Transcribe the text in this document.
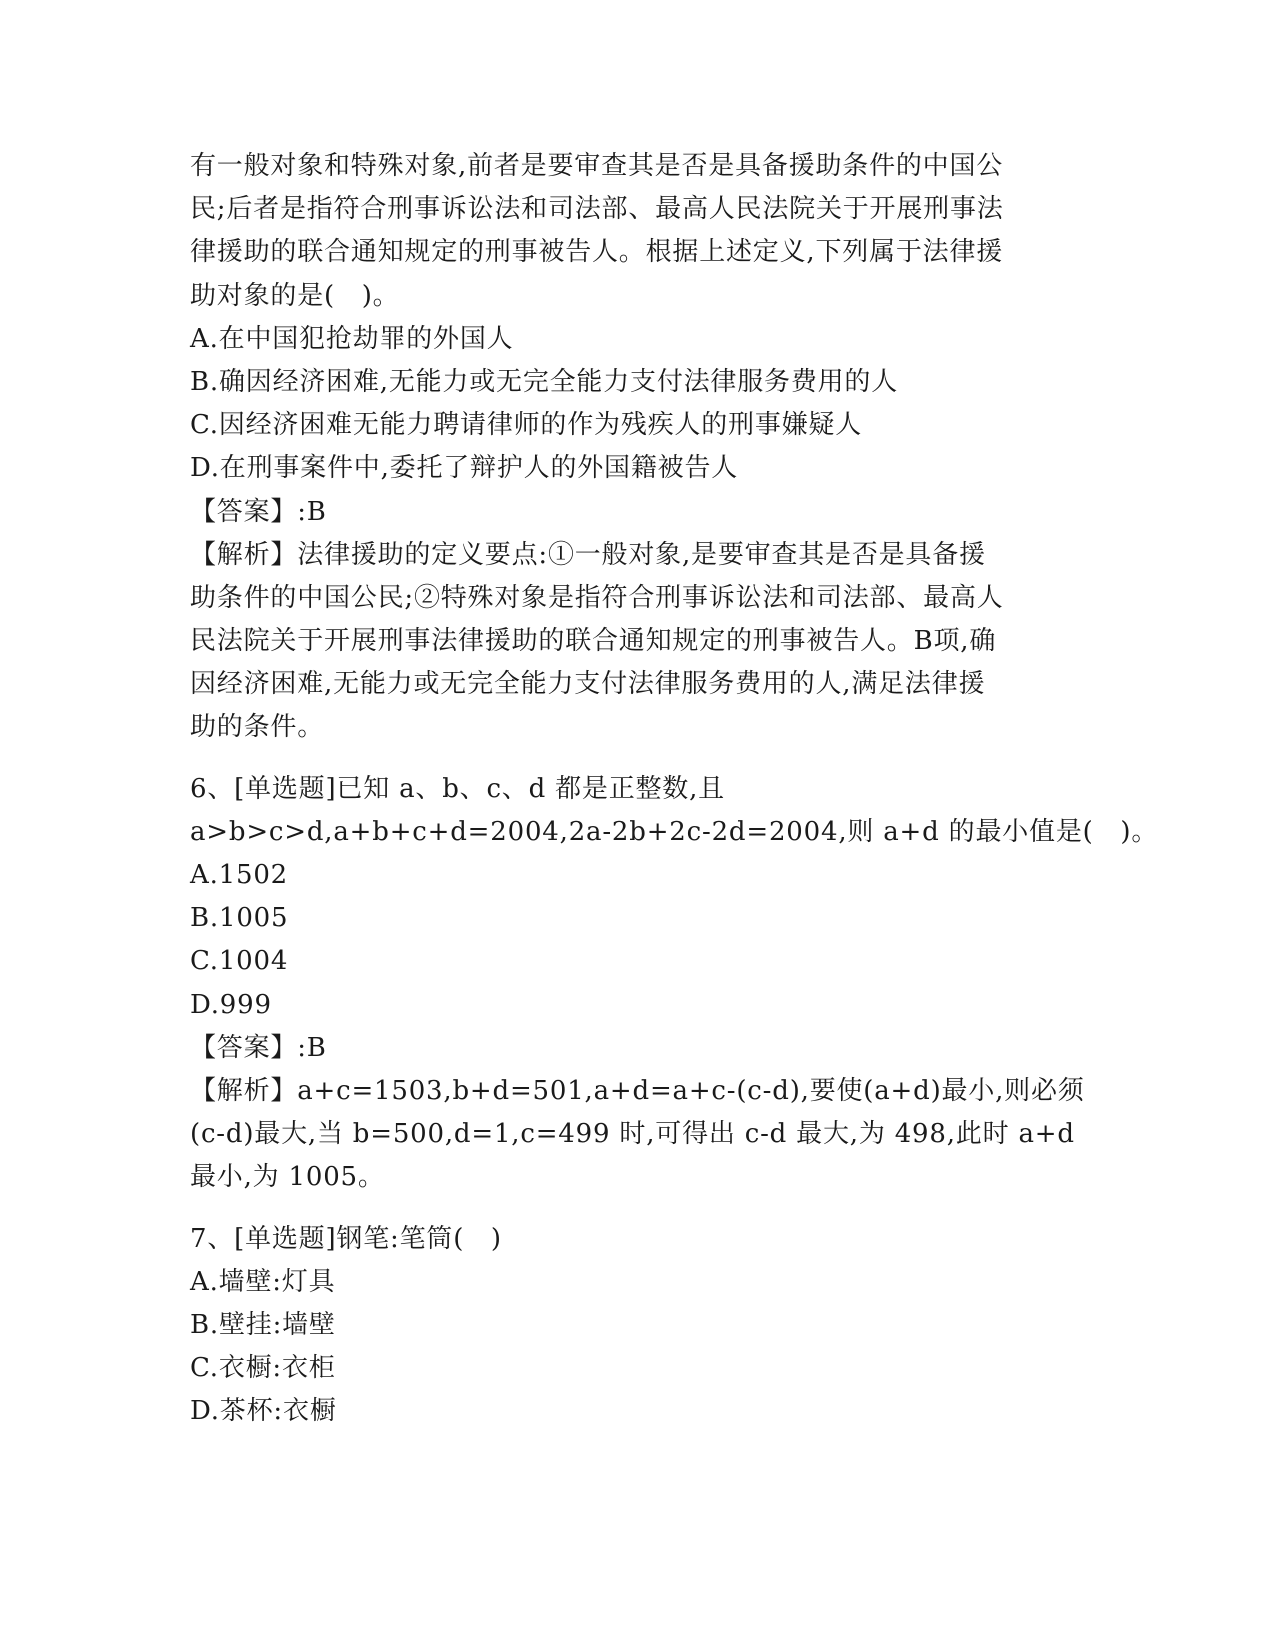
有一般对象和特殊对象,前者是要审查其是否是具备援助条件的中国公
民;后者是指符合刑事诉讼法和司法部、最高人民法院关于开展刑事法
律援助的联合通知规定的刑事被告人。根据上述定义,下列属于法律援
助对象的是(　)。
A.在中国犯抢劫罪的外国人
B.确因经济困难,无能力或无完全能力支付法律服务费用的人
C.因经济困难无能力聘请律师的作为残疾人的刑事嫌疑人
D.在刑事案件中,委托了辩护人的外国籍被告人
【答案】:B
【解析】法律援助的定义要点:①一般对象,是要审查其是否是具备援
助条件的中国公民;②特殊对象是指符合刑事诉讼法和司法部、最高人
民法院关于开展刑事法律援助的联合通知规定的刑事被告人。B项,确
因经济困难,无能力或无完全能力支付法律服务费用的人,满足法律援
助的条件。
6、[单选题]已知 a、b、c、d 都是正整数,且
a>b>c>d,a+b+c+d=2004,2a-2b+2c-2d=2004,则 a+d 的最小值是(　)。
A.1502
B.1005
C.1004
D.999
【答案】:B
【解析】a+c=1503,b+d=501,a+d=a+c-(c-d),要使(a+d)最小,则必须
(c-d)最大,当 b=500,d=1,c=499 时,可得出 c-d 最大,为 498,此时 a+d
最小,为 1005。
7、[单选题]钢笔:笔筒(　)
A.墙壁:灯具
B.壁挂:墙壁
C.衣橱:衣柜
D.茶杯:衣橱
